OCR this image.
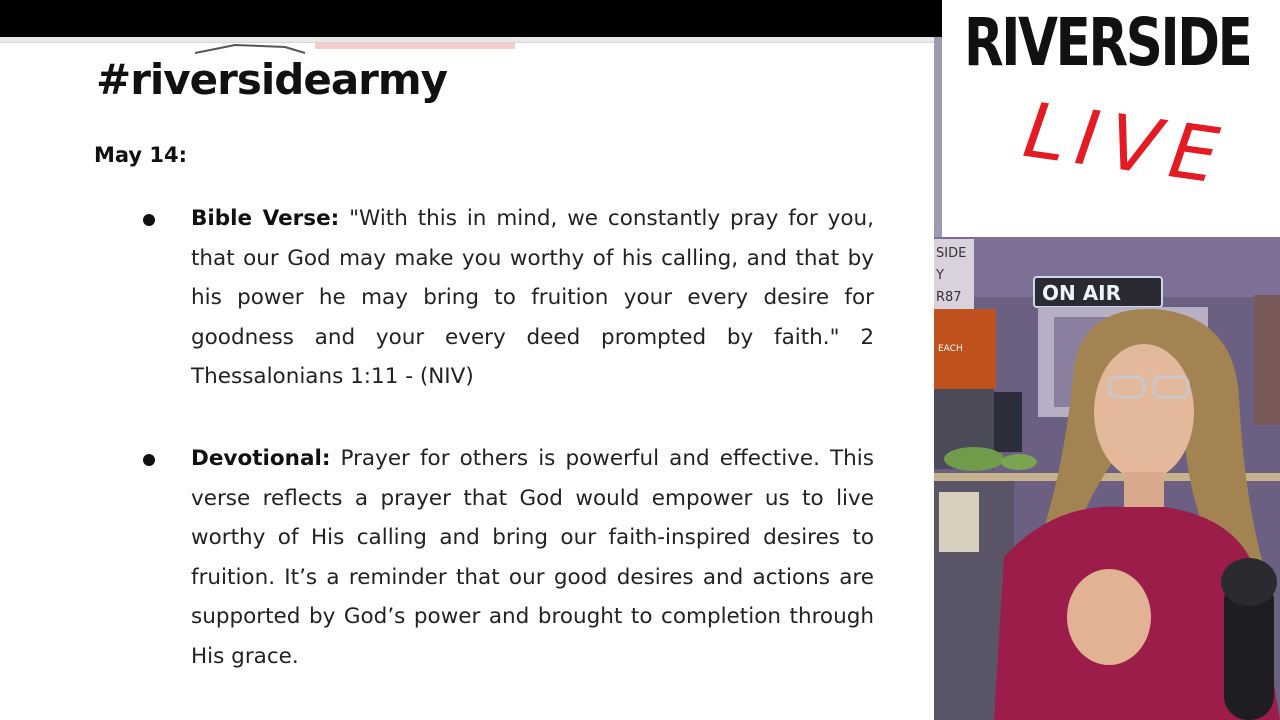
#riversidearmy
May 14:
Bible Verse: "With this in mind, we constantly pray for you, that our God may make you worthy of his calling, and that by his power he may bring to fruition your every desire for goodness and your every deed prompted by faith." 2 Thessalonians 1:11 - (NIV)
Devotional: Prayer for others is powerful and effective. This verse reflects a prayer that God would empower us to live worthy of His calling and bring our faith-inspired desires to fruition. It’s a reminder that our good desires and actions are supported by God’s power and brought to completion through His grace.
RIVERSIDE
LIVE
SIDE
Y
R87	ON AIR
EACH
